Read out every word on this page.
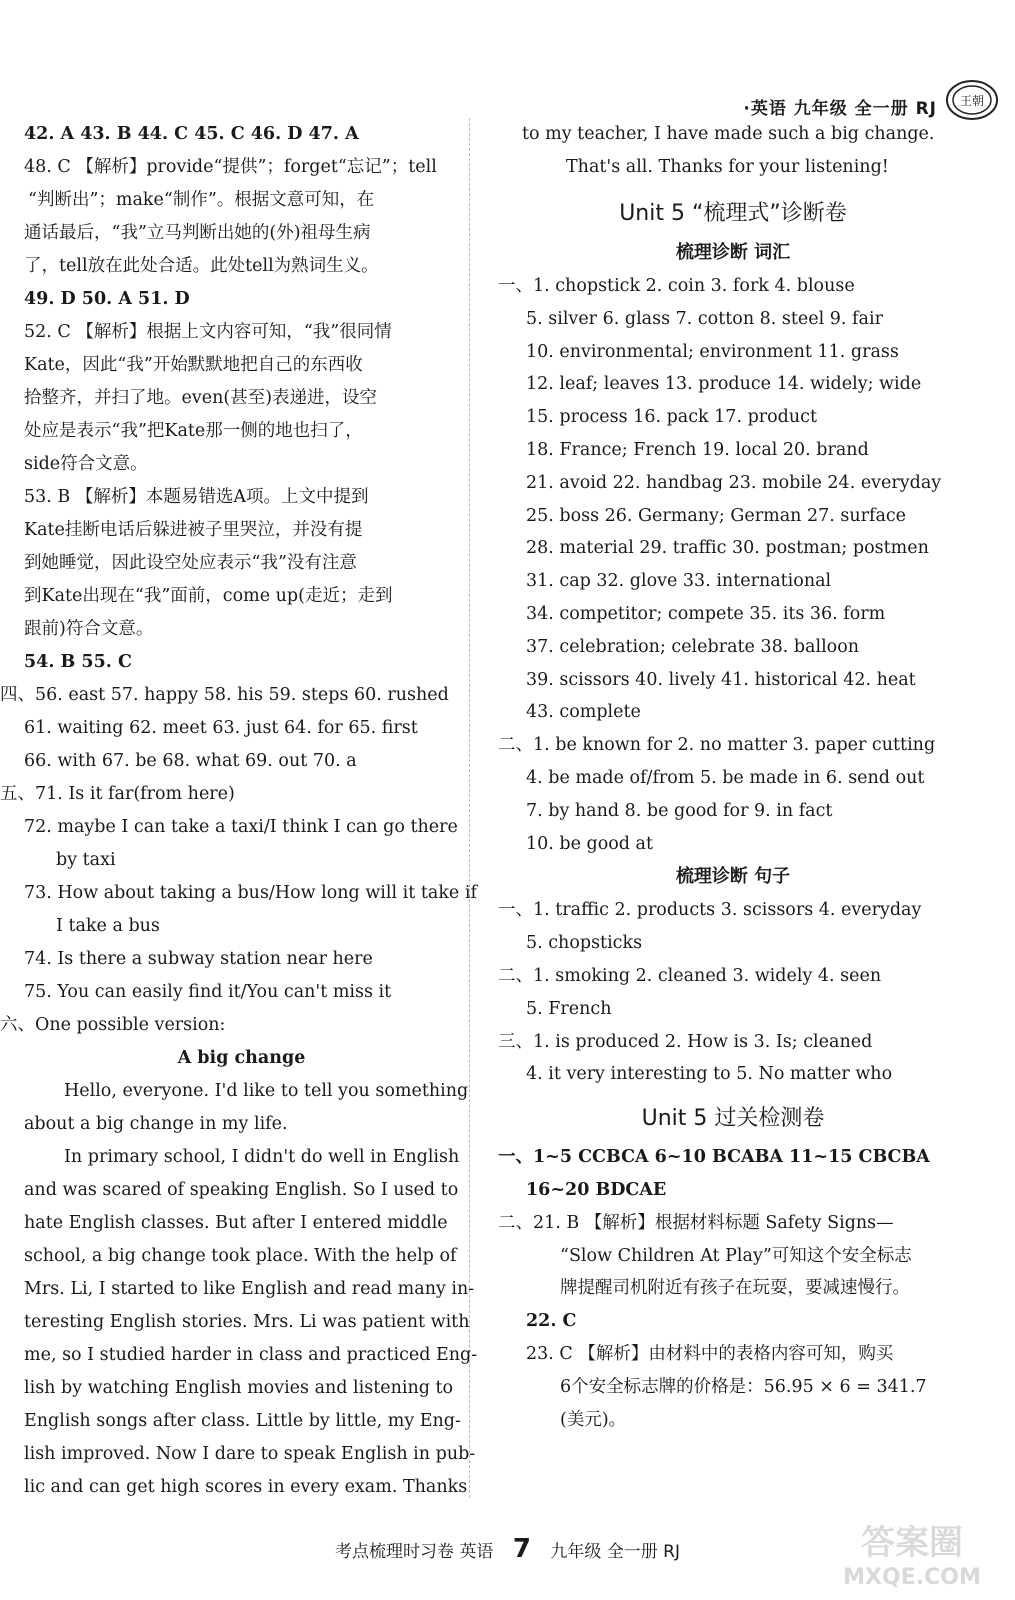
·英语 九年级 全一册 RJ 王朝
42. A 43. B 44. C 45. C 46. D 47. A
48. C 【解析】provide“提供”；forget“忘记”；tell
“判断出”；make“制作”。根据文意可知，在
通话最后，“我”立马判断出她的(外)祖母生病
了，tell放在此处合适。此处tell为熟词生义。
49. D 50. A 51. D
52. C 【解析】根据上文内容可知，“我”很同情
Kate，因此“我”开始默默地把自己的东西收
拾整齐，并扫了地。even(甚至)表递进，设空
处应是表示“我”把Kate那一侧的地也扫了，
side符合文意。
53. B 【解析】本题易错选A项。上文中提到
Kate挂断电话后躲进被子里哭泣，并没有提
到她睡觉，因此设空处应表示“我”没有注意
到Kate出现在“我”面前，come up(走近；走到
跟前)符合文意。
54. B 55. C
四、56. east 57. happy 58. his 59. steps 60. rushed
61. waiting 62. meet 63. just 64. for 65. first
66. with 67. be 68. what 69. out 70. a
五、71. Is it far(from here)
72. maybe I can take a taxi/I think I can go there
by taxi
73. How about taking a bus/How long will it take if
I take a bus
74. Is there a subway station near here
75. You can easily find it/You can't miss it
六、One possible version:
A big change
Hello, everyone. I'd like to tell you something
about a big change in my life.
In primary school, I didn't do well in English
and was scared of speaking English. So I used to
hate English classes. But after I entered middle
school, a big change took place. With the help of
Mrs. Li, I started to like English and read many in-
teresting English stories. Mrs. Li was patient with
me, so I studied harder in class and practiced Eng-
lish by watching English movies and listening to
English songs after class. Little by little, my Eng-
lish improved. Now I dare to speak English in pub-
lic and can get high scores in every exam. Thanks
to my teacher, I have made such a big change.
That's all. Thanks for your listening!
Unit 5 “梳理式”诊断卷
梳理诊断 词汇
一、1. chopstick 2. coin 3. fork 4. blouse
5. silver 6. glass 7. cotton 8. steel 9. fair
10. environmental; environment 11. grass
12. leaf; leaves 13. produce 14. widely; wide
15. process 16. pack 17. product
18. France; French 19. local 20. brand
21. avoid 22. handbag 23. mobile 24. everyday
25. boss 26. Germany; German 27. surface
28. material 29. traffic 30. postman; postmen
31. cap 32. glove 33. international
34. competitor; compete 35. its 36. form
37. celebration; celebrate 38. balloon
39. scissors 40. lively 41. historical 42. heat
43. complete
二、1. be known for 2. no matter 3. paper cutting
4. be made of/from 5. be made in 6. send out
7. by hand 8. be good for 9. in fact
10. be good at
梳理诊断 句子
一、1. traffic 2. products 3. scissors 4. everyday
5. chopsticks
二、1. smoking 2. cleaned 3. widely 4. seen
5. French
三、1. is produced 2. How is 3. Is; cleaned
4. it very interesting to 5. No matter who
Unit 5 过关检测卷
一、1~5 CCBCA 6~10 BCABA 11~15 CBCBA
16~20 BDCAE
二、21. B 【解析】根据材料标题 Safety Signs—
“Slow Children At Play”可知这个安全标志
牌提醒司机附近有孩子在玩耍，要减速慢行。
22. C
23. C 【解析】由材料中的表格内容可知，购买
6个安全标志牌的价格是：56.95 × 6 = 341.7
(美元)。
考点梳理时习卷 英语 7 九年级 全一册 RJ	答案圈
MXQE.COM
